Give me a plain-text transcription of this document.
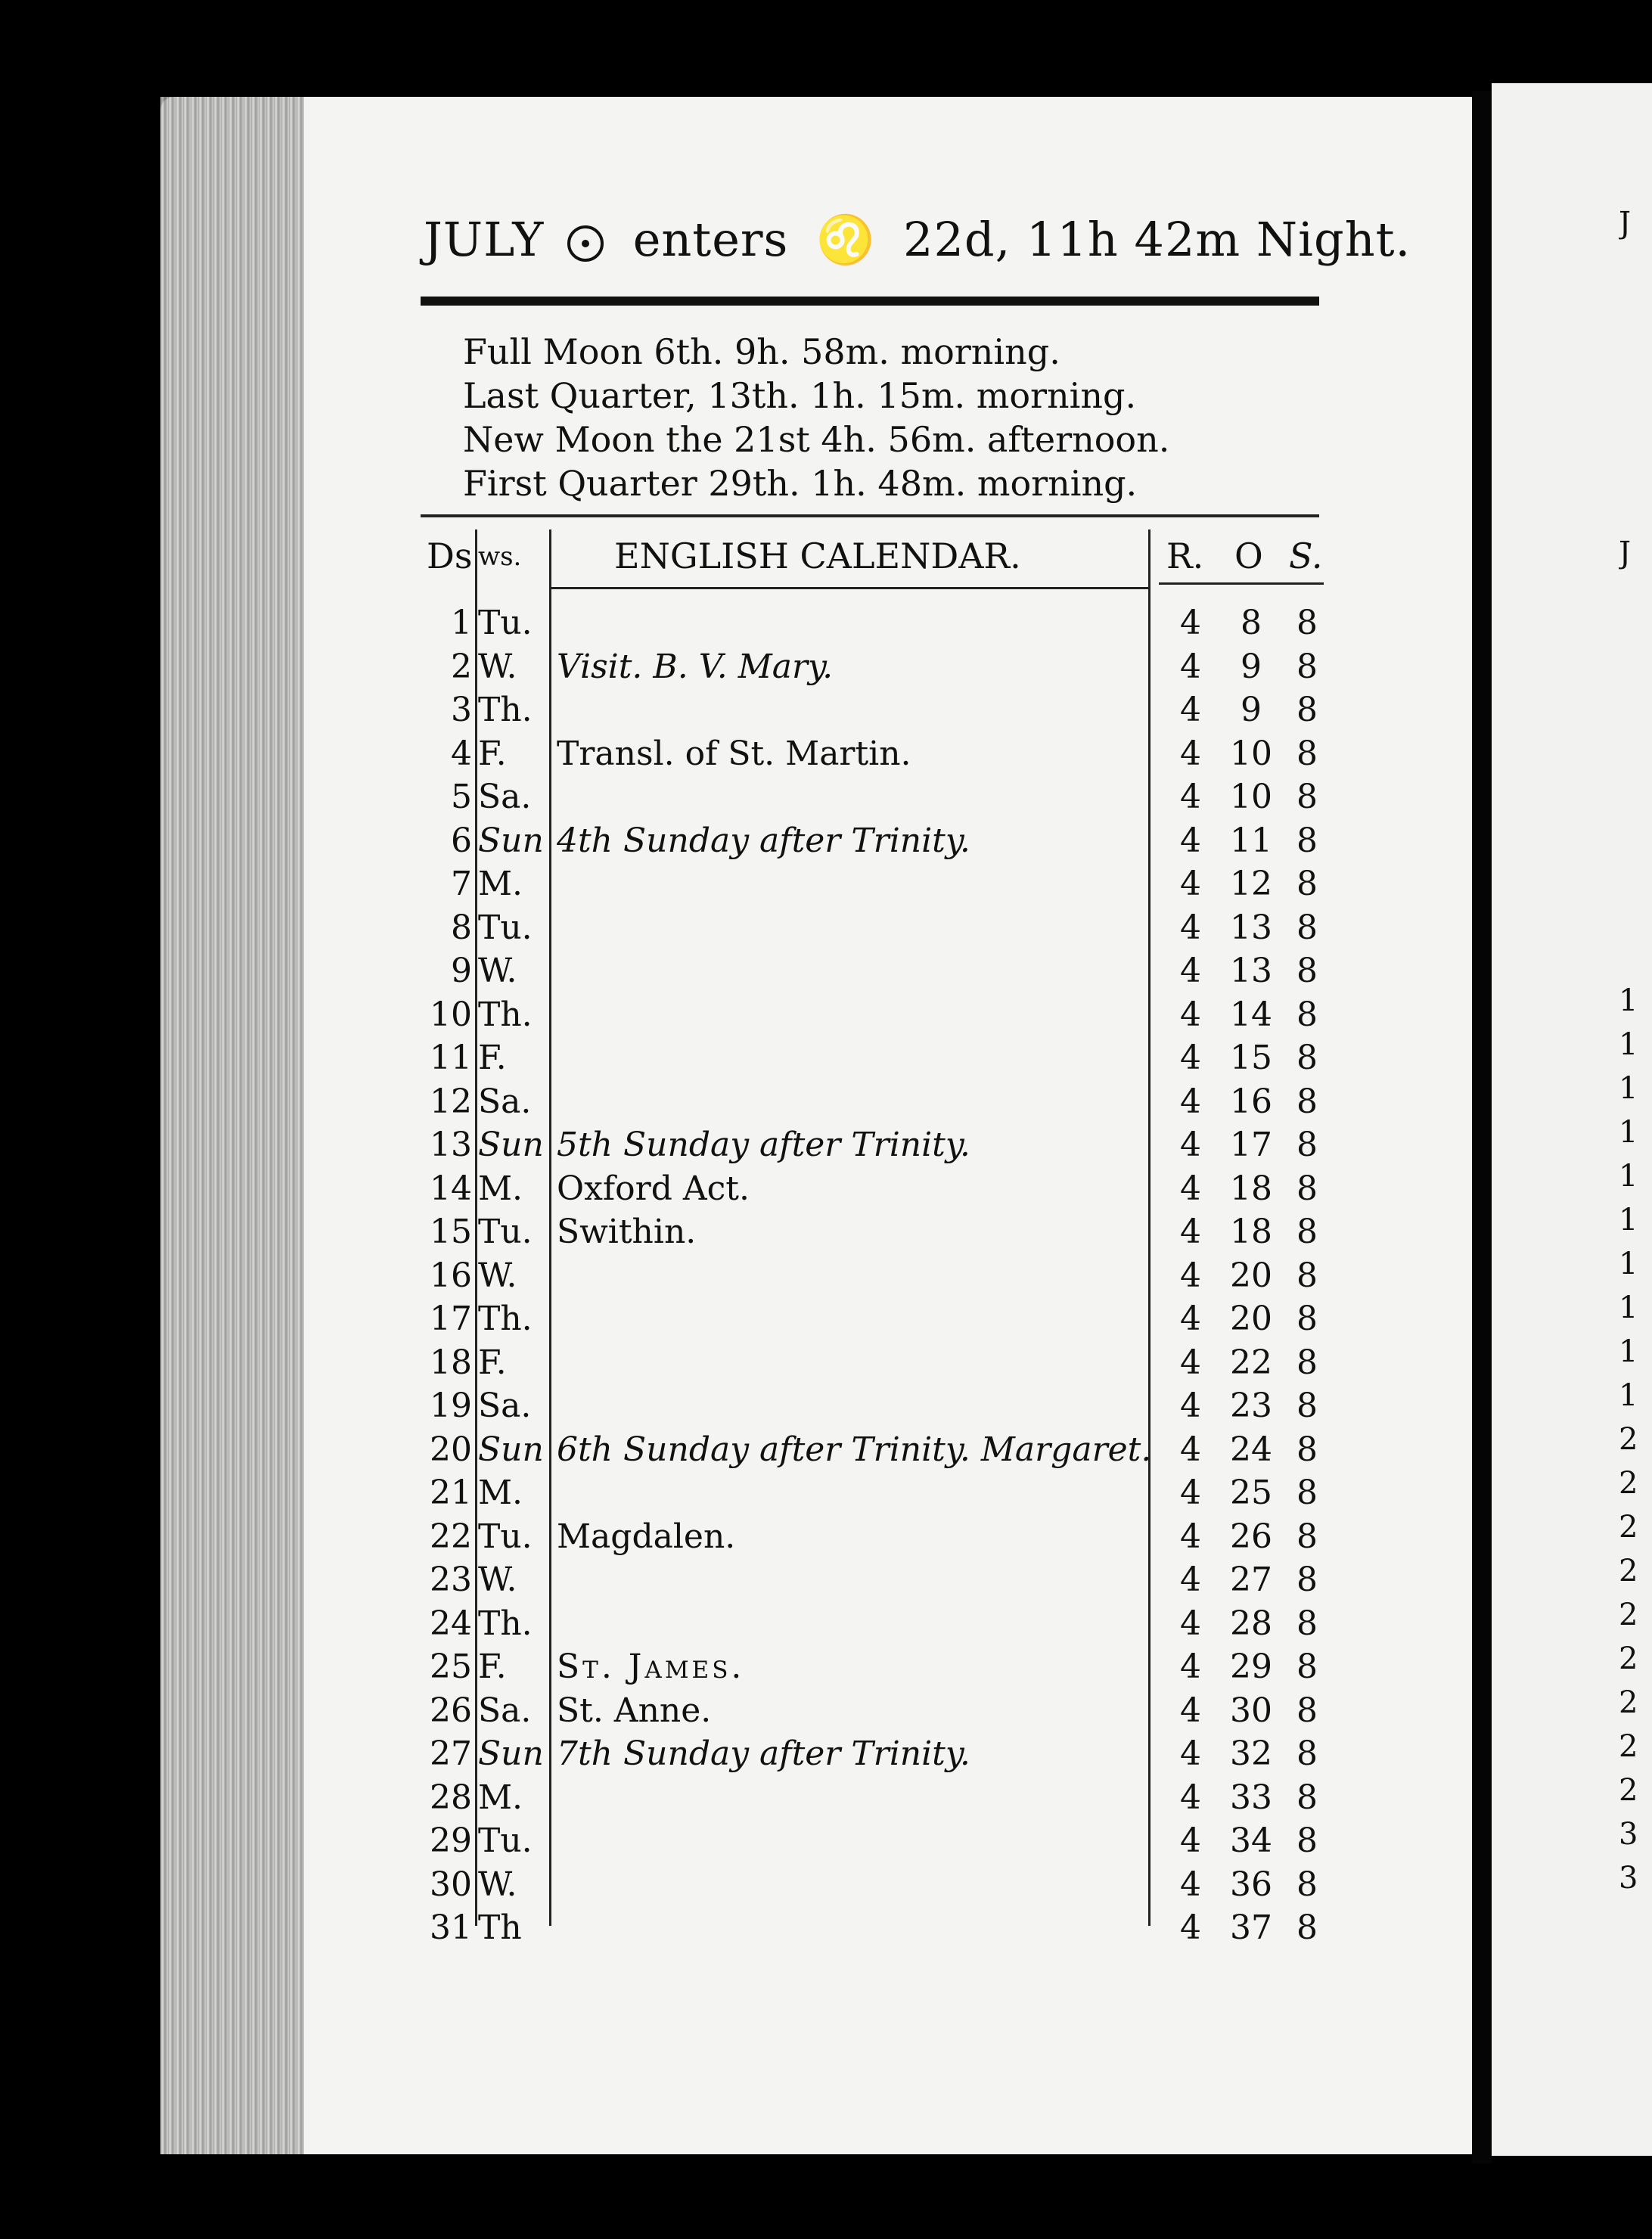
J
J
1
1
1
1
1
1
1
1
1
1
2
2
2
2
2
2
2
2
2
3
3
JULY enters ♌ 22d, 11h 42m Night.
Full Moon 6th. 9h. 58m. morning.
Last Quarter, 13th. 1h. 15m. morning.
New Moon the 21st 4h. 56m. afternoon.
First Quarter 29th. 1h. 48m. morning.
Ds ws.	ENGLISH CALENDAR.	R. O S.
1 Tu.	4	8	8
2 W.	Visit. B. V. Mary.	4	9	8
3 Th.	4	9	8
4 F.	Transl. of St. Martin.	4 10 8
5 Sa.	4 10 8
6 Sun 4th Sunday after Trinity.	4 11 8
7 M.	4 12 8
8 Tu.	4 13 8
9 W.	4 13 8
10 Th.	4 14 8
11 F.	4 15 8
12 Sa.	4 16 8
13 Sun 5th Sunday after Trinity.	4 17 8
14 M.	Oxford Act.	4 18 8
15 Tu. Swithin.	4 18 8
16 W.	4 20 8
17 Th.	4 20 8
18 F.	4 22 8
19 Sa.	4 23 8
20 Sun 6th Sunday after Trinity. Margaret. 4 24 8
21 M.	4 25 8
22 Tu. Magdalen.	4 26 8
23 W.	4 27 8
24 Th.	4 28 8
25 F.	St. James.	4 29 8
26 Sa. St. Anne.	4 30 8
27 Sun 7th Sunday after Trinity.	4 32 8
28 M.	4 33 8
29 Tu.	4 34 8
30 W.	4 36 8
31 Th	4 37 8
